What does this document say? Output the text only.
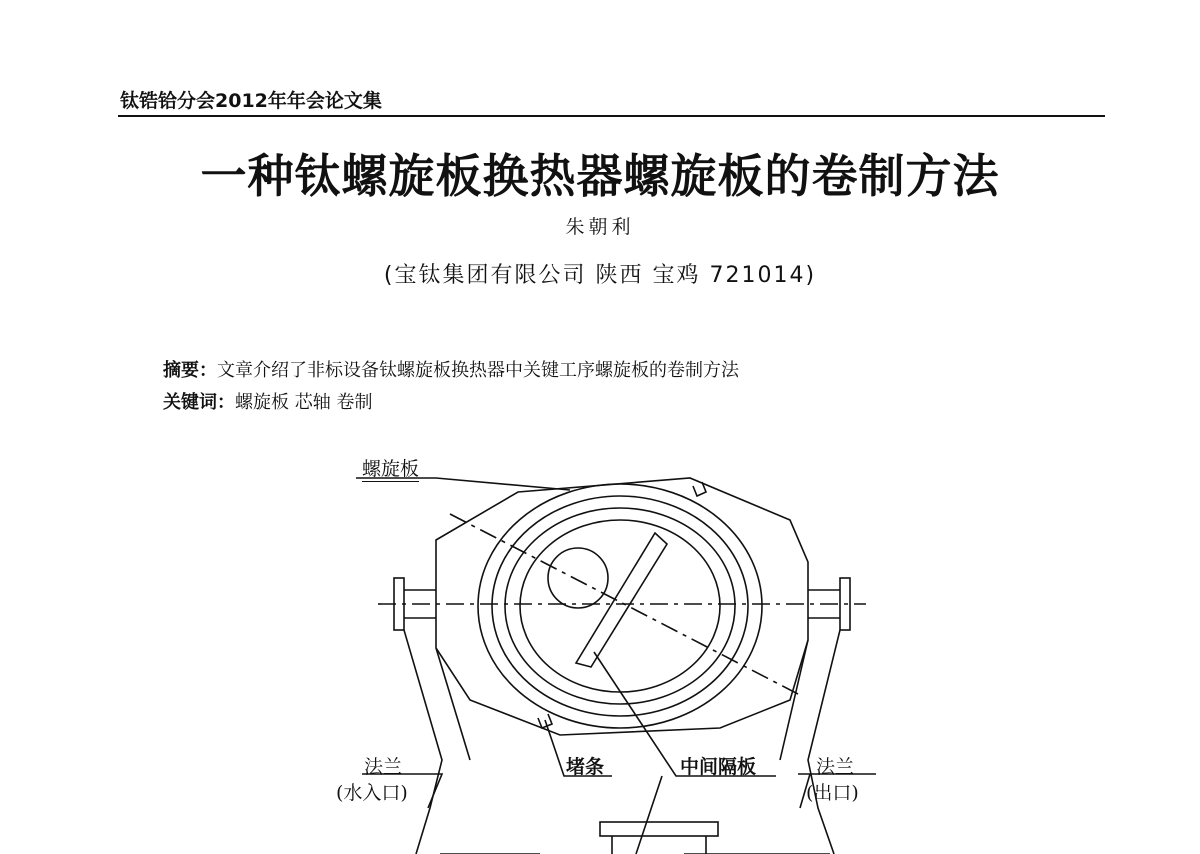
钛锆铪分会2012年年会论文集
一种钛螺旋板换热器螺旋板的卷制方法
朱朝利
(宝钛集团有限公司 陕西 宝鸡 721014)
摘要：文章介绍了非标设备钛螺旋板换热器中关键工序螺旋板的卷制方法
关键词：螺旋板 芯轴 卷制
螺旋板
法兰
(水入口)
堵条	中间隔板	法兰
(出口)
